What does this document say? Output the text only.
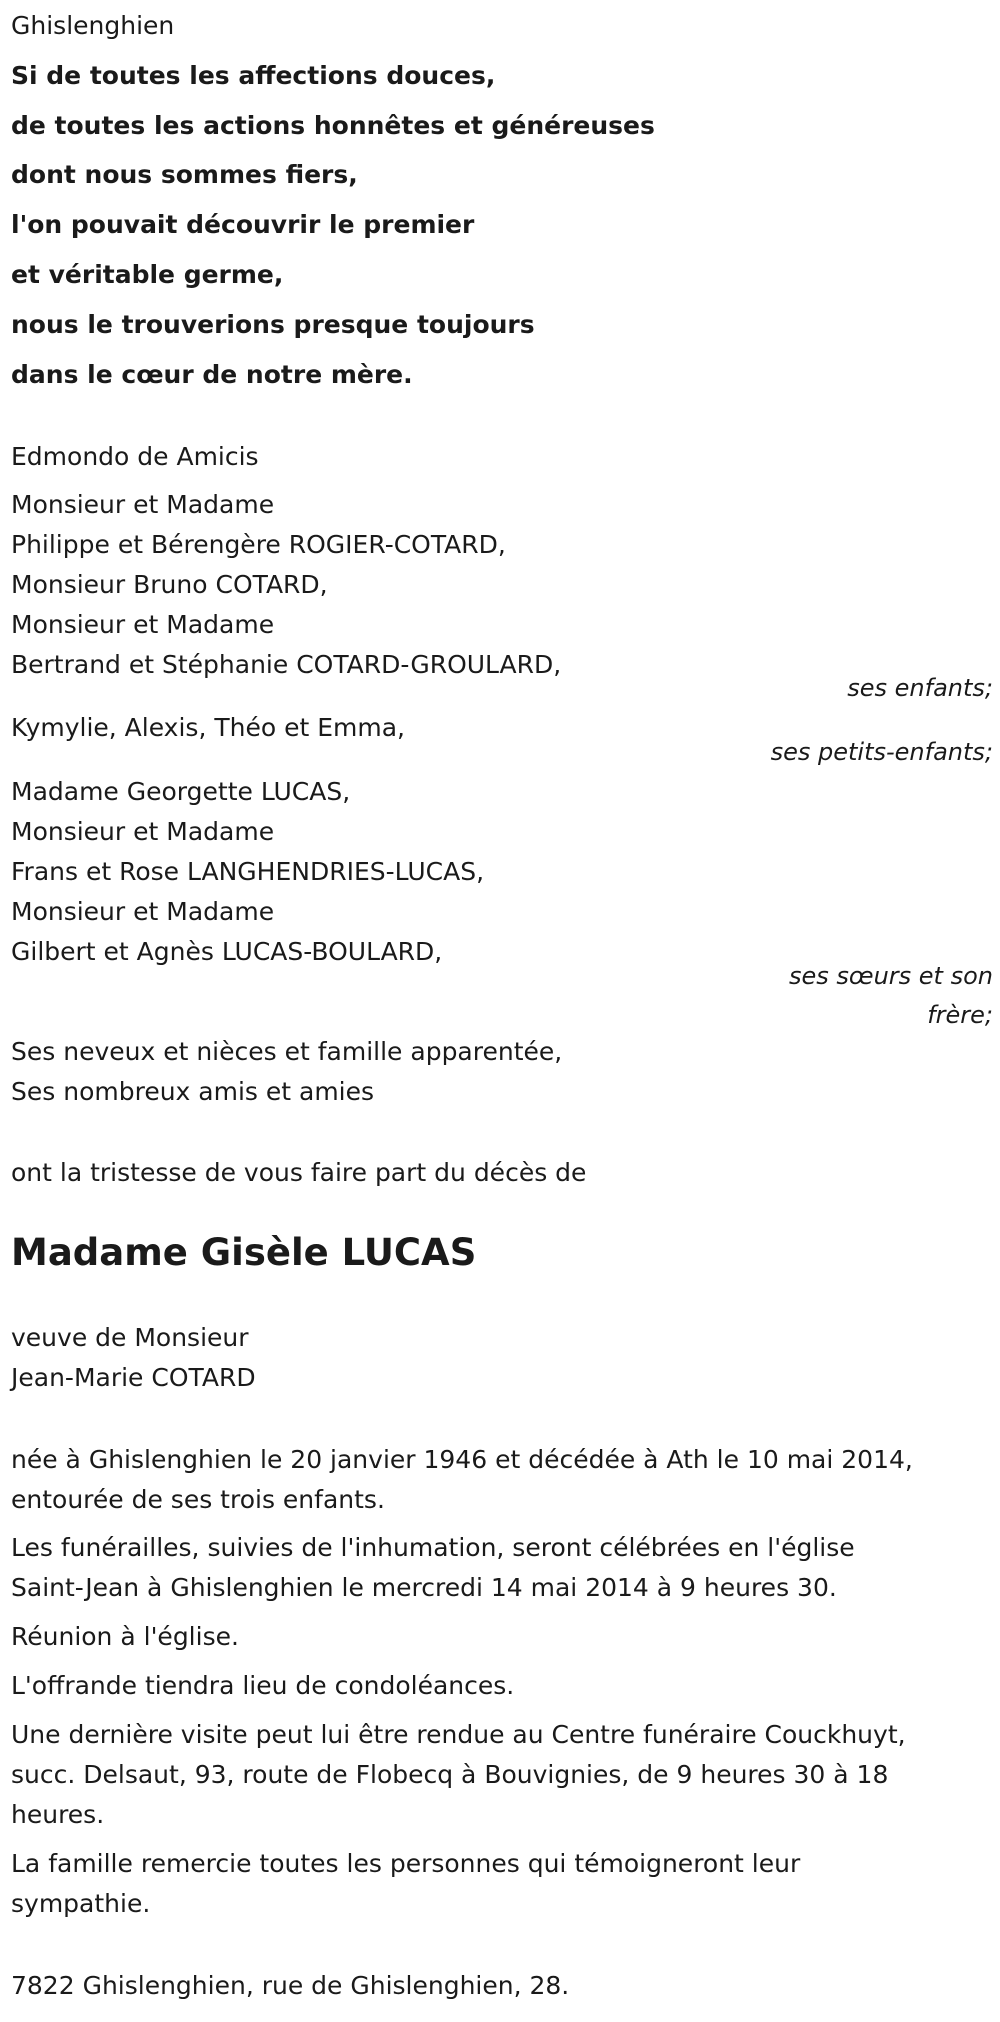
Ghislenghien
Si de toutes les affections douces,
de toutes les actions honnêtes et généreuses
dont nous sommes fiers,
l'on pouvait découvrir le premier
et véritable germe,
nous le trouverions presque toujours
dans le cœur de notre mère.
Edmondo de Amicis
Monsieur et Madame
Philippe et Bérengère ROGIER-COTARD,
Monsieur Bruno COTARD,
Monsieur et Madame
Bertrand et Stéphanie COTARD-GROULARD,
ses enfants;
Kymylie, Alexis, Théo et Emma,
ses petits-enfants;
Madame Georgette LUCAS,
Monsieur et Madame
Frans et Rose LANGHENDRIES-LUCAS,
Monsieur et Madame
Gilbert et Agnès LUCAS-BOULARD,
ses sœurs et son
frère;
Ses neveux et nièces et famille apparentée,
Ses nombreux amis et amies
ont la tristesse de vous faire part du décès de
Madame Gisèle LUCAS
veuve de Monsieur
Jean-Marie COTARD
née à Ghislenghien le 20 janvier 1946 et décédée à Ath le 10 mai 2014,
entourée de ses trois enfants.
Les funérailles, suivies de l'inhumation, seront célébrées en l'église
Saint-Jean à Ghislenghien le mercredi 14 mai 2014 à 9 heures 30.
Réunion à l'église.
L'offrande tiendra lieu de condoléances.
Une dernière visite peut lui être rendue au Centre funéraire Couckhuyt,
succ. Delsaut, 93, route de Flobecq à Bouvignies, de 9 heures 30 à 18
heures.
La famille remercie toutes les personnes qui témoigneront leur
sympathie.
7822 Ghislenghien, rue de Ghislenghien, 28.
